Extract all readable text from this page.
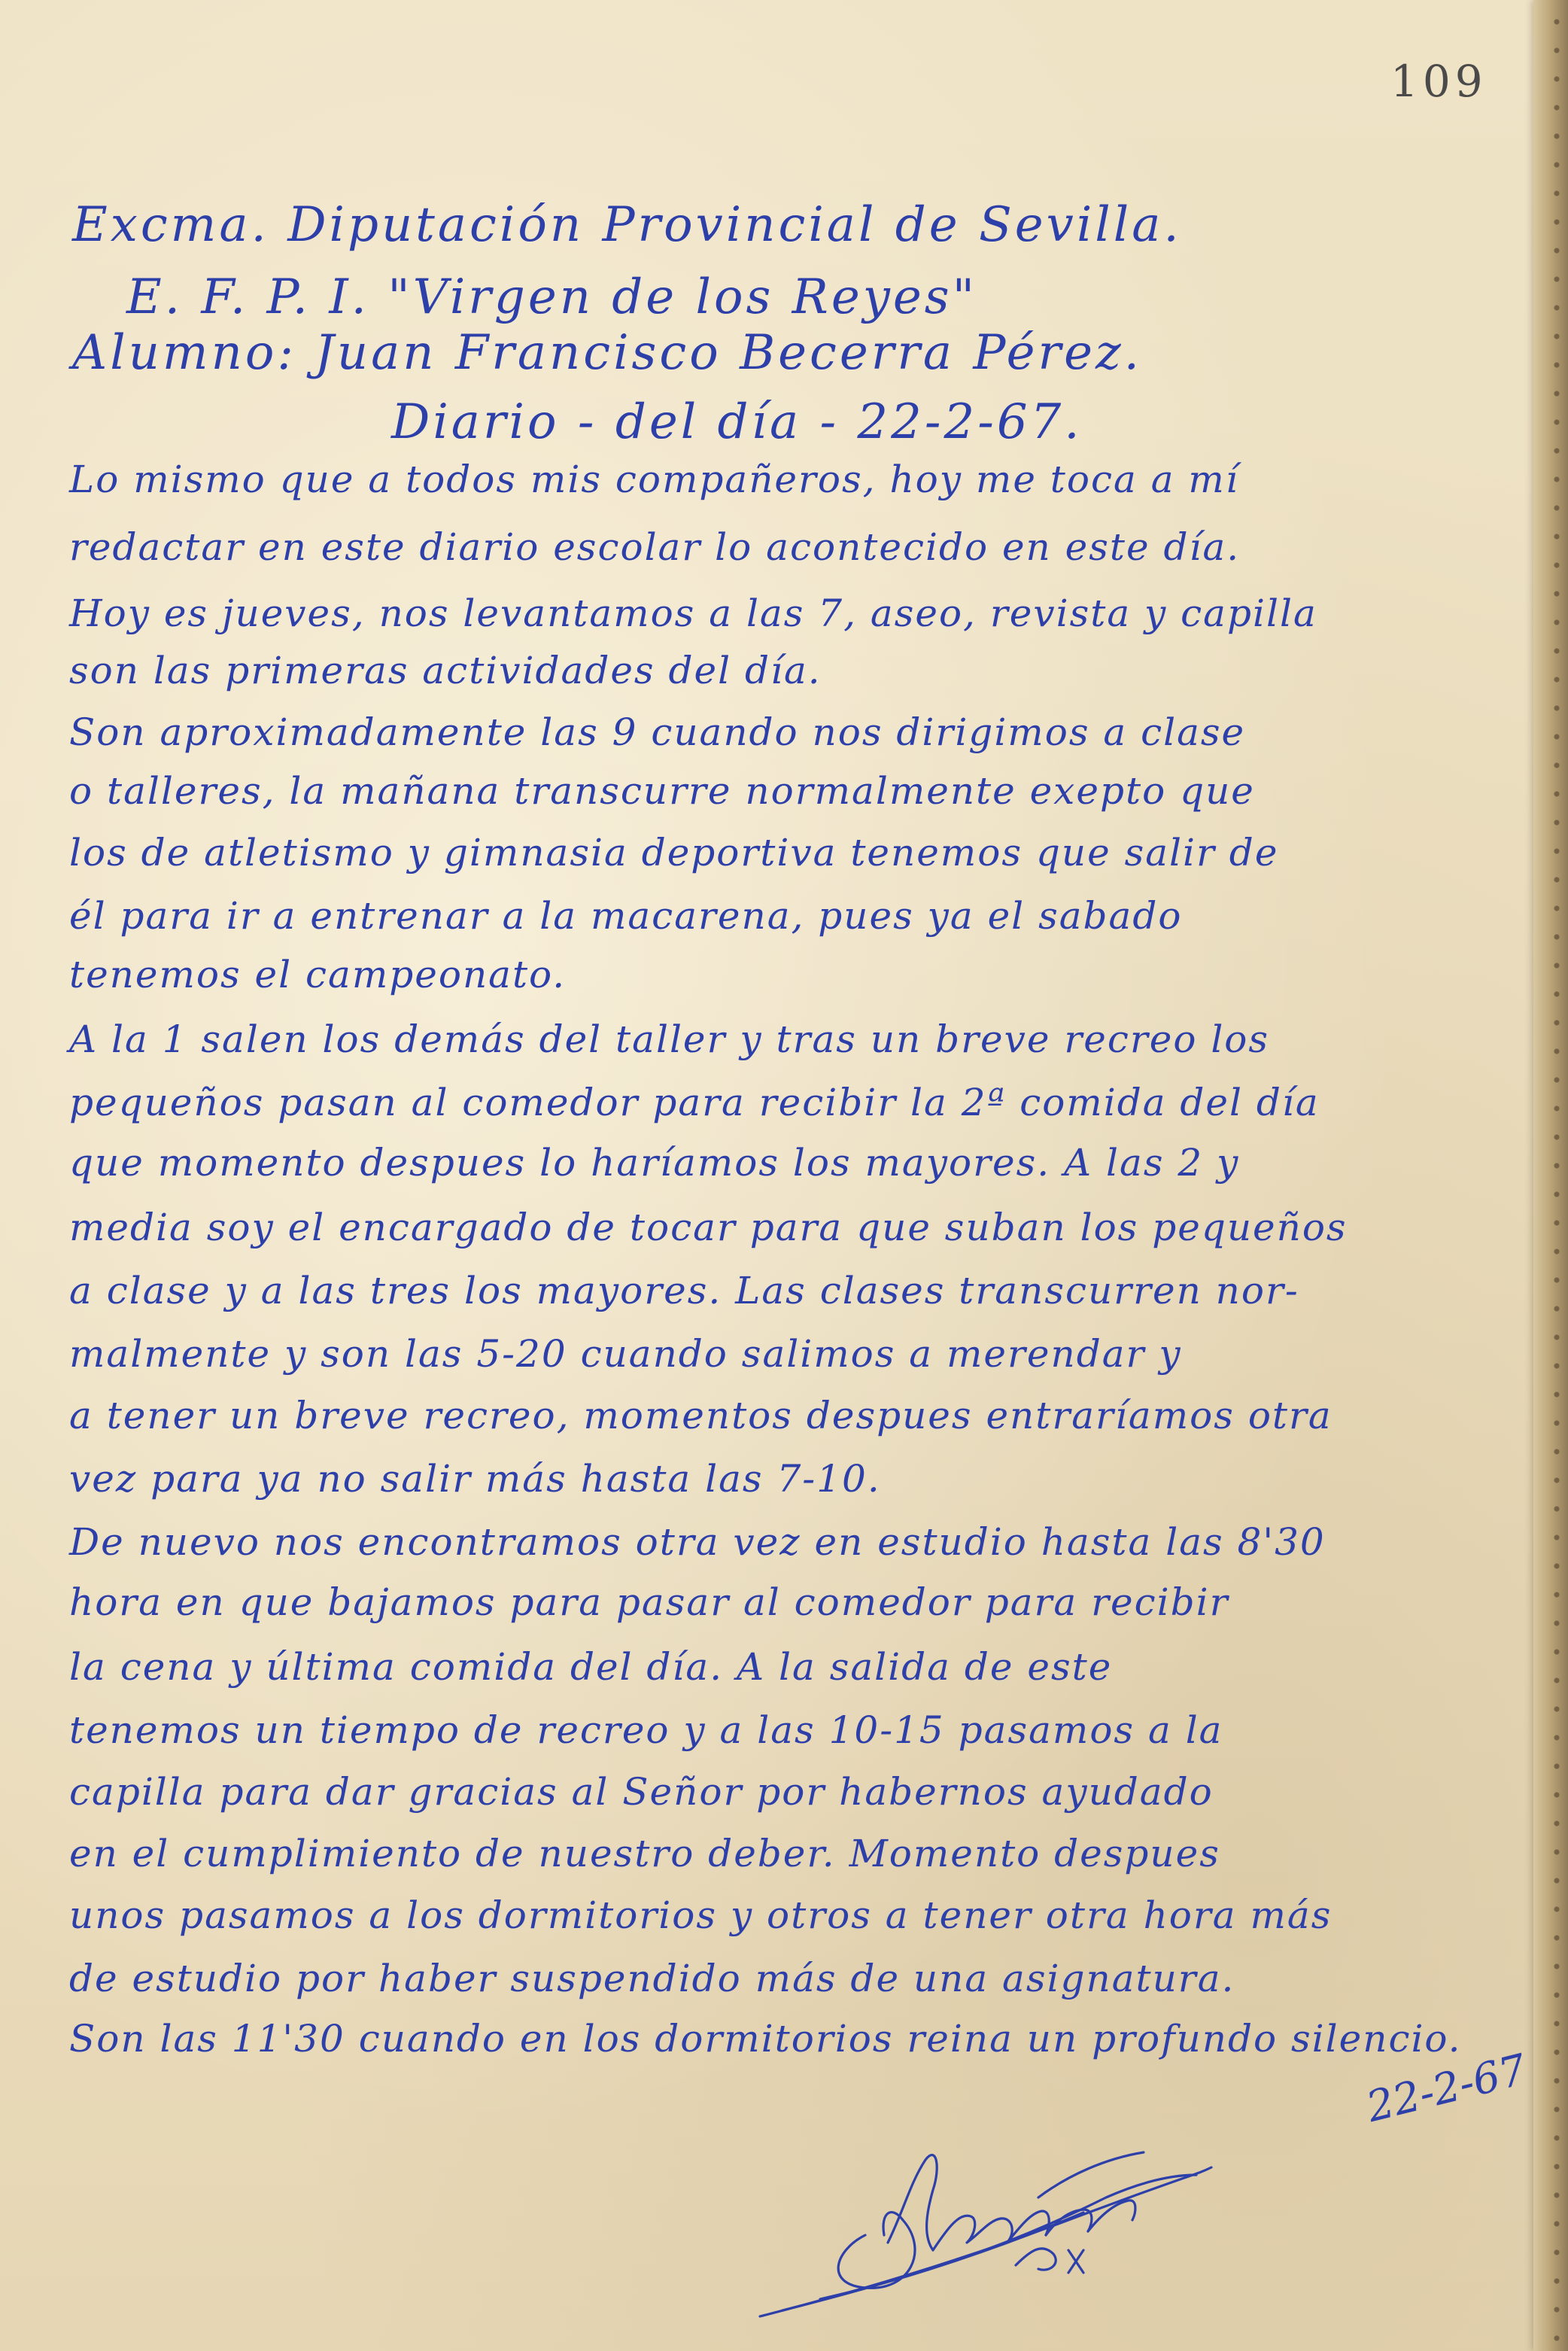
109
Excma. Diputación Provincial de Sevilla.
E. F. P. I. "Virgen de los Reyes"
Alumno: Juan Francisco Becerra Pérez.
Diario - del día - 22-2-67.
Lo mismo que a todos mis compañeros, hoy me toca a mí
redactar en este diario escolar lo acontecido en este día.
Hoy es jueves, nos levantamos a las 7, aseo, revista y capilla
son las primeras actividades del día.
Son aproximadamente las 9 cuando nos dirigimos a clase
o talleres, la mañana transcurre normalmente exepto que
los de atletismo y gimnasia deportiva tenemos que salir de
él para ir a entrenar a la macarena, pues ya el sabado
tenemos el campeonato.
A la 1 salen los demás del taller y tras un breve recreo los
pequeños pasan al comedor para recibir la 2ª comida del día
que momento despues lo haríamos los mayores. A las 2 y
media soy el encargado de tocar para que suban los pequeños
a clase y a las tres los mayores. Las clases transcurren nor-
malmente y son las 5-20 cuando salimos a merendar y
a tener un breve recreo, momentos despues entraríamos otra
vez para ya no salir más hasta las 7-10.
De nuevo nos encontramos otra vez en estudio hasta las 8'30
hora en que bajamos para pasar al comedor para recibir
la cena y última comida del día. A la salida de este
tenemos un tiempo de recreo y a las 10-15 pasamos a la
capilla para dar gracias al Señor por habernos ayudado
en el cumplimiento de nuestro deber. Momento despues
unos pasamos a los dormitorios y otros a tener otra hora más
de estudio por haber suspendido más de una asignatura.
Son las 11'30 cuando en los dormitorios reina un profundo silencio.
22-2-67
